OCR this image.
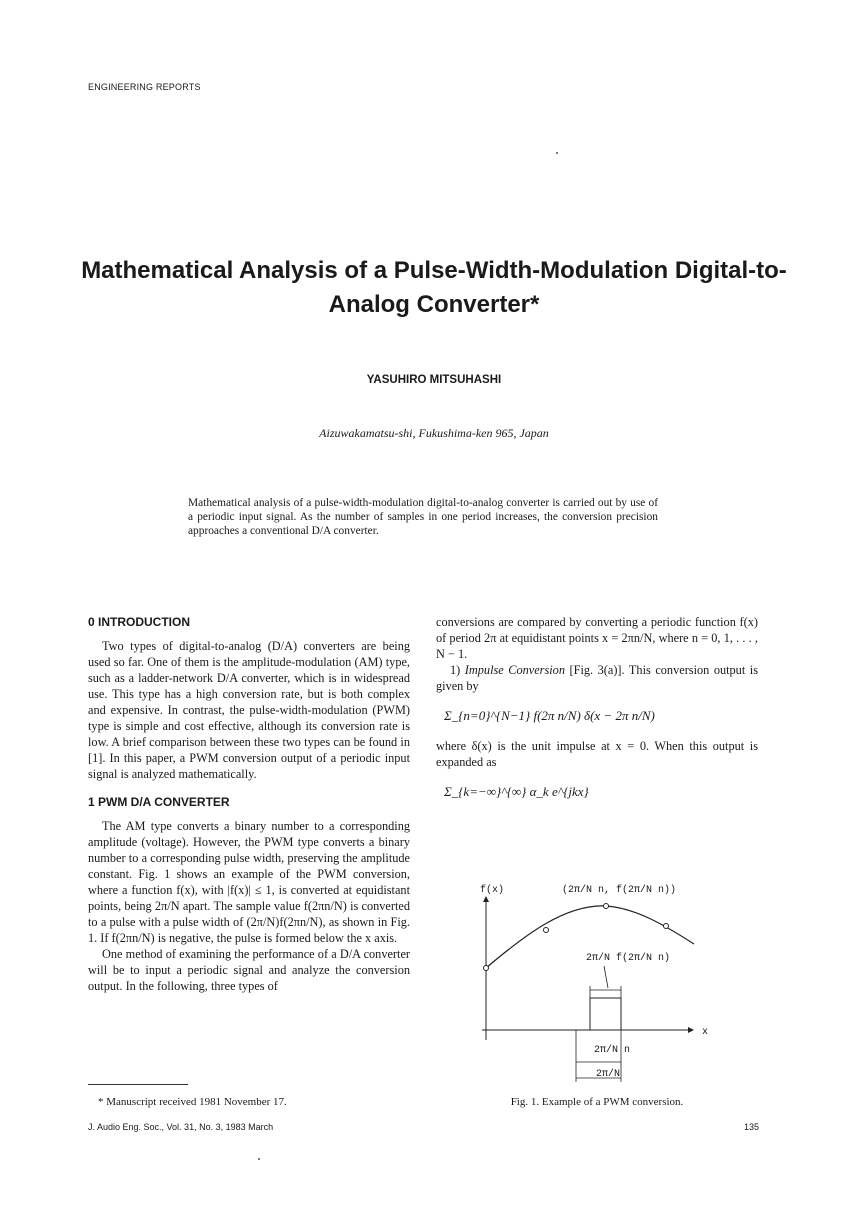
ENGINEERING REPORTS
Mathematical Analysis of a Pulse-Width-Modulation Digital-to-Analog Converter*
YASUHIRO MITSUHASHI
Aizuwakamatsu-shi, Fukushima-ken 965, Japan

Mathematical analysis of a pulse-width-modulation digital-to-analog converter is carried out by use of a periodic input signal. As the number of samples in one period increases, the conversion precision approaches a conventional D/A converter.

0 INTRODUCTION

Two types of digital-to-analog (D/A) converters are being used so far. One of them is the amplitude-modulation (AM) type, such as a ladder-network D/A converter, which is in widespread use. This type has a high conversion rate, but is both complex and expensive. In contrast, the pulse-width-modulation (PWM) type is simple and cost effective, although its conversion rate is low. A brief comparison between these two types can be found in [1]. In this paper, a PWM conversion output of a periodic input signal is analyzed mathematically.

1 PWM D/A CONVERTER

The AM type converts a binary number to a corresponding amplitude (voltage). However, the PWM type converts a binary number to a corresponding pulse width, preserving the amplitude constant. Fig. 1 shows an example of the PWM conversion, where a function f(x), with |f(x)| ≤ 1, is converted at equidistant points, being 2π/N apart. The sample value f(2πn/N) is converted to a pulse with a pulse width of (2π/N)f(2πn/N), as shown in Fig. 1. If f(2πn/N) is negative, the pulse is formed below the x axis.

One method of examining the performance of a D/A converter will be to input a periodic signal and analyze the conversion output. In the following, three types of

conversions are compared by converting a periodic function f(x) of period 2π at equidistant points x = 2πn/N, where n = 0, 1, . . . , N − 1.

1) Impulse Conversion [Fig. 3(a)]. This conversion output is given by

Σ_{n=0}^{N−1} f(2π n/N) δ(x − 2π n/N)

where δ(x) is the unit impulse at x = 0. When this output is expanded as

Σ_{k=−∞}^{∞} α_k e^{jkx}
f(x)	(2π/N n, f(2π/N n))
2π/N f(2π/N n)
x
2π/N n
2π/N
Fig. 1. Example of a PWM conversion.
* Manuscript received 1981 November 17.
J. Audio Eng. Soc., Vol. 31, No. 3, 1983 March	135
